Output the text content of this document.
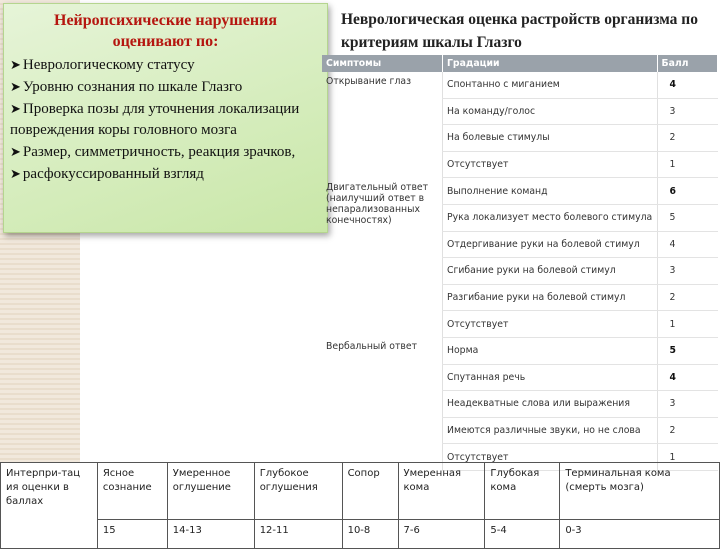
Нейропсихические нарушения оценивают по:
➤ Неврологическому статусу
➤ Уровню сознания по шкале Глазго
➤ Проверка позы для уточнения локализации повреждения коры головного мозга
➤ Размер, симметричность, реакция зрачков,
➤ расфокуссированный взгляд
Неврологическая оценка растройств организма по критериям шкалы Глазго
Симптомы	Градации	Балл
Открывание глаз	Спонтанно с миганием	4
	На команду/голос	3
	На болевые стимулы	2
	Отсутствует	1
Двигательный ответ (наилучший ответ в непарализованных конечностях)	Выполнение команд	6
	Рука локализует место болевого стимула	5
	Отдергивание руки на болевой стимул	4
	Сгибание руки на болевой стимул	3
	Разгибание руки на болевой стимул	2
	Отсутствует	1
Вербальный ответ	Норма	5
	Спутанная речь	4
	Неадекватные слова или выражения	3
	Имеются различные звуки, но не слова	2
	Отсутствует	1
Интерпри-тац ия оценки в баллах	Ясное сознание	Умеренное оглушение	Глубокое оглушения	Сопор	Умеренная кома	Глубокая кома	Терминальная кома (смерть мозга)
	15	14-13	12-11	10-8	7-6	5-4	0-3
